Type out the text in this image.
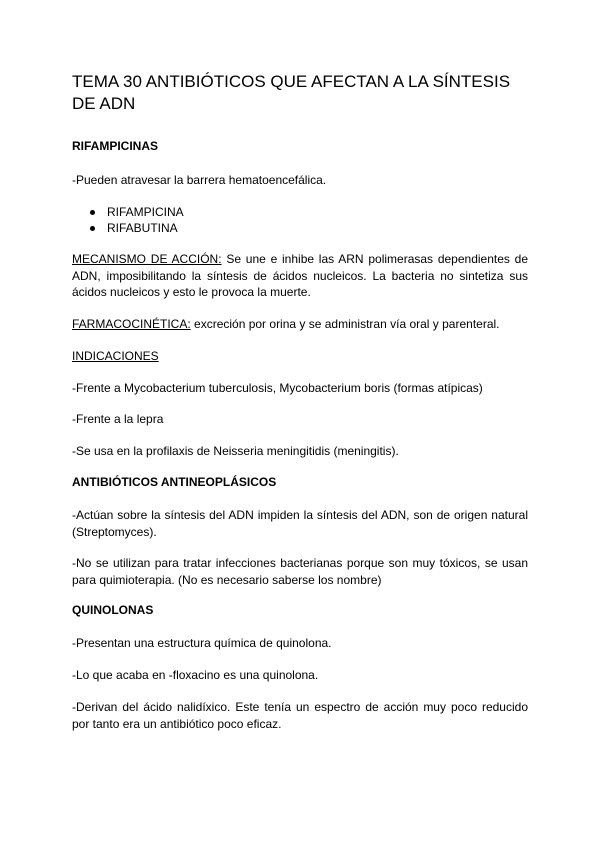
TEMA 30 ANTIBIÓTICOS QUE AFECTAN A LA SÍNTESIS DE ADN
RIFAMPICINAS

-Pueden atravesar la barrera hematoencefálica.

RIFAMPICINA
RIFABUTINA

MECANISMO DE ACCIÓN: Se une e inhibe las ARN polimerasas dependientes de ADN, imposibilitando la síntesis de ácidos nucleicos. La bacteria no sintetiza sus ácidos nucleicos y esto le provoca la muerte.

FARMACOCINÉTICA: excreción por orina y se administran vía oral y parenteral.

INDICACIONES

-Frente a Mycobacterium tuberculosis, Mycobacterium boris (formas atípicas)

-Frente a la lepra

-Se usa en la profilaxis de Neisseria meningitidis (meningitis).

ANTIBIÓTICOS ANTINEOPLÁSICOS

-Actúan sobre la síntesis del ADN impiden la síntesis del ADN, son de origen natural (Streptomyces).

-No se utilizan para tratar infecciones bacterianas porque son muy tóxicos, se usan para quimioterapia. (No es necesario saberse los nombre)

QUINOLONAS

-Presentan una estructura química de quinolona.

-Lo que acaba en -floxacino es una quinolona.

-Derivan del ácido nalidíxico. Este tenía un espectro de acción muy poco reducido por tanto era un antibiótico poco eficaz.
